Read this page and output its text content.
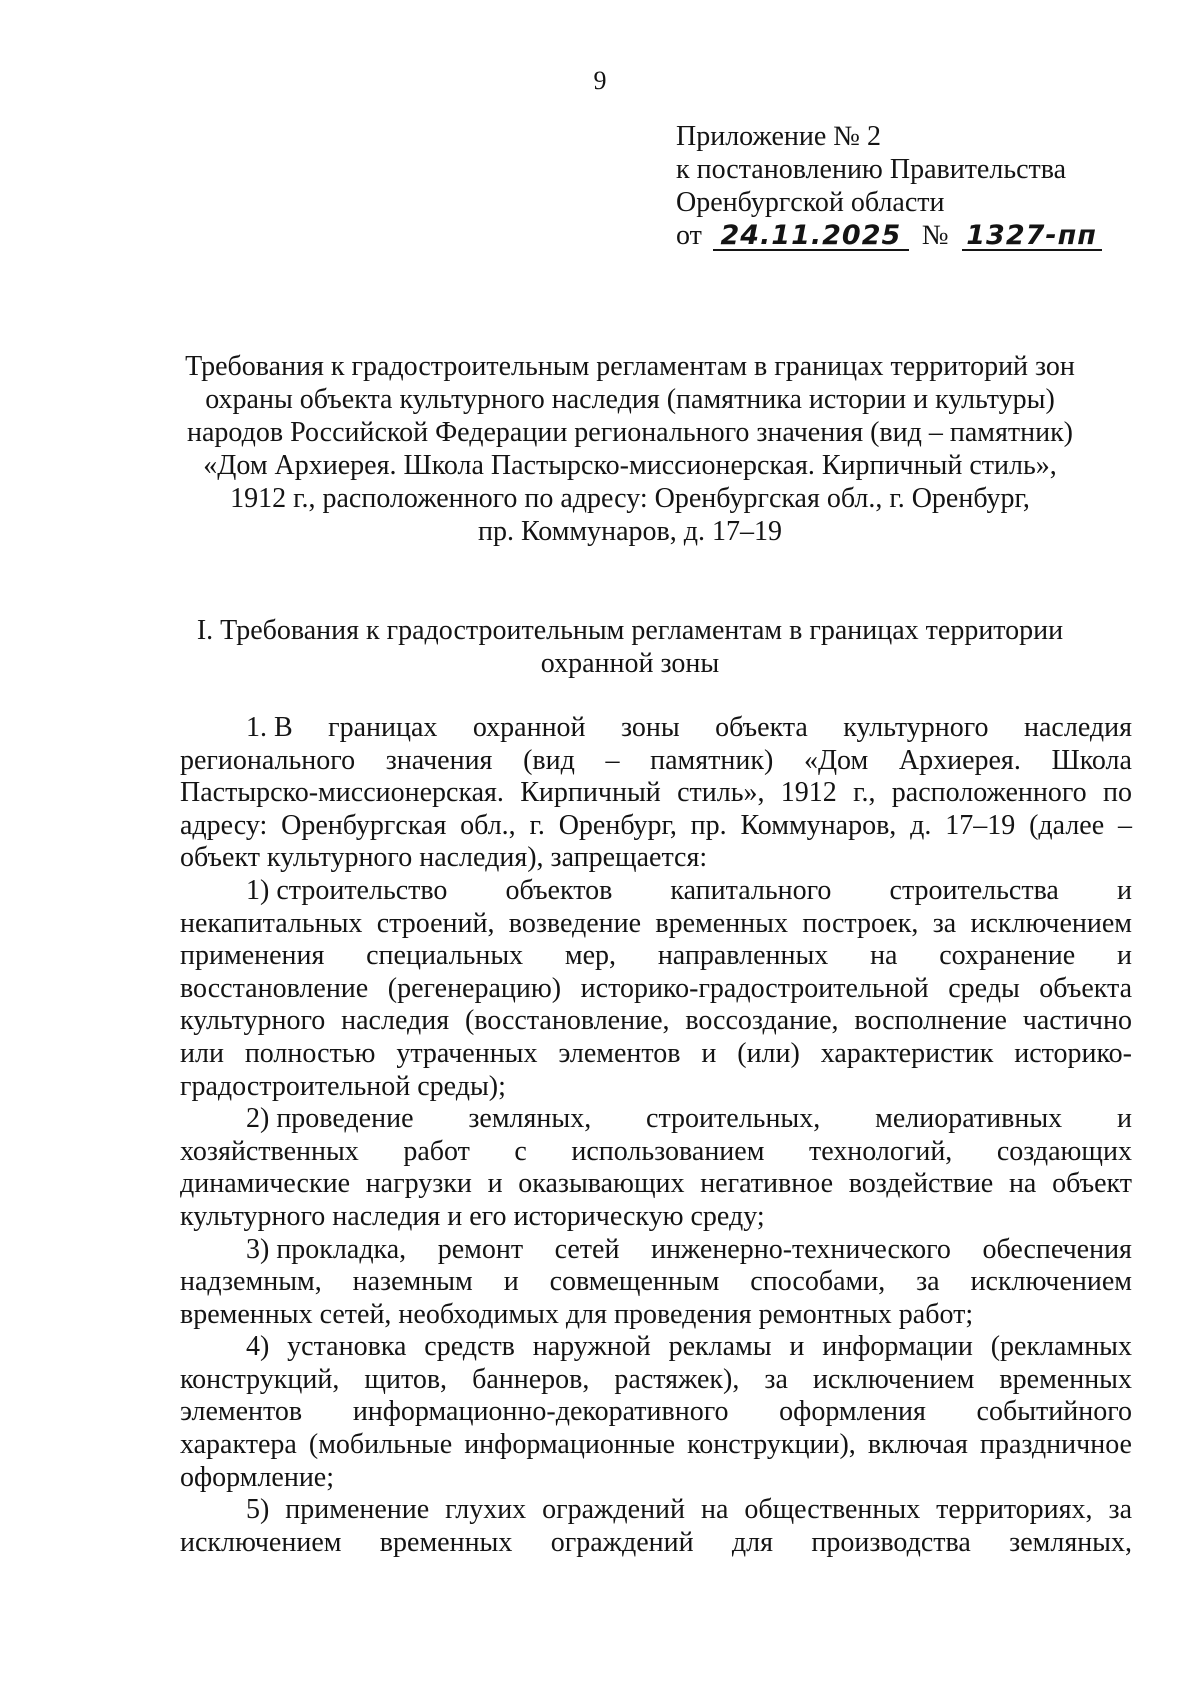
9
Приложение № 2
к постановлению Правительства
Оренбургской области
от 24.11.2025 № 1327-пп
Требования к градостроительным регламентам в границах территорий зон
охраны объекта культурного наследия (памятника истории и культуры)
народов Российской Федерации регионального значения (вид – памятник)
«Дом Архиерея. Школа Пастырско-миссионерская. Кирпичный стиль»,
1912 г., расположенного по адресу: Оренбургская обл., г. Оренбург,
пр. Коммунаров, д. 17–19
I. Требования к градостроительным регламентам в границах территории
охранной зоны
1. В границах охранной зоны объекта культурного наследия
регионального значения (вид – памятник) «Дом Архиерея. Школа
Пастырско-миссионерская. Кирпичный стиль», 1912 г., расположенного по
адресу: Оренбургская обл., г. Оренбург, пр. Коммунаров, д. 17–19 (далее –
объект культурного наследия), запрещается:
1) строительство объектов капитального строительства и
некапитальных строений, возведение временных построек, за исключением
применения специальных мер, направленных на сохранение и
восстановление (регенерацию) историко-градостроительной среды объекта
культурного наследия (восстановление, воссоздание, восполнение частично
или полностью утраченных элементов и (или) характеристик историко-
градостроительной среды);
2) проведение земляных, строительных, мелиоративных и
хозяйственных работ с использованием технологий, создающих
динамические нагрузки и оказывающих негативное воздействие на объект
культурного наследия и его историческую среду;
3) прокладка, ремонт сетей инженерно-технического обеспечения
надземным, наземным и совмещенным способами, за исключением
временных сетей, необходимых для проведения ремонтных работ;
4) установка средств наружной рекламы и информации (рекламных
конструкций, щитов, баннеров, растяжек), за исключением временных
элементов информационно-декоративного оформления событийного
характера (мобильные информационные конструкции), включая праздничное
оформление;
5) применение глухих ограждений на общественных территориях, за
исключением временных ограждений для производства земляных,
